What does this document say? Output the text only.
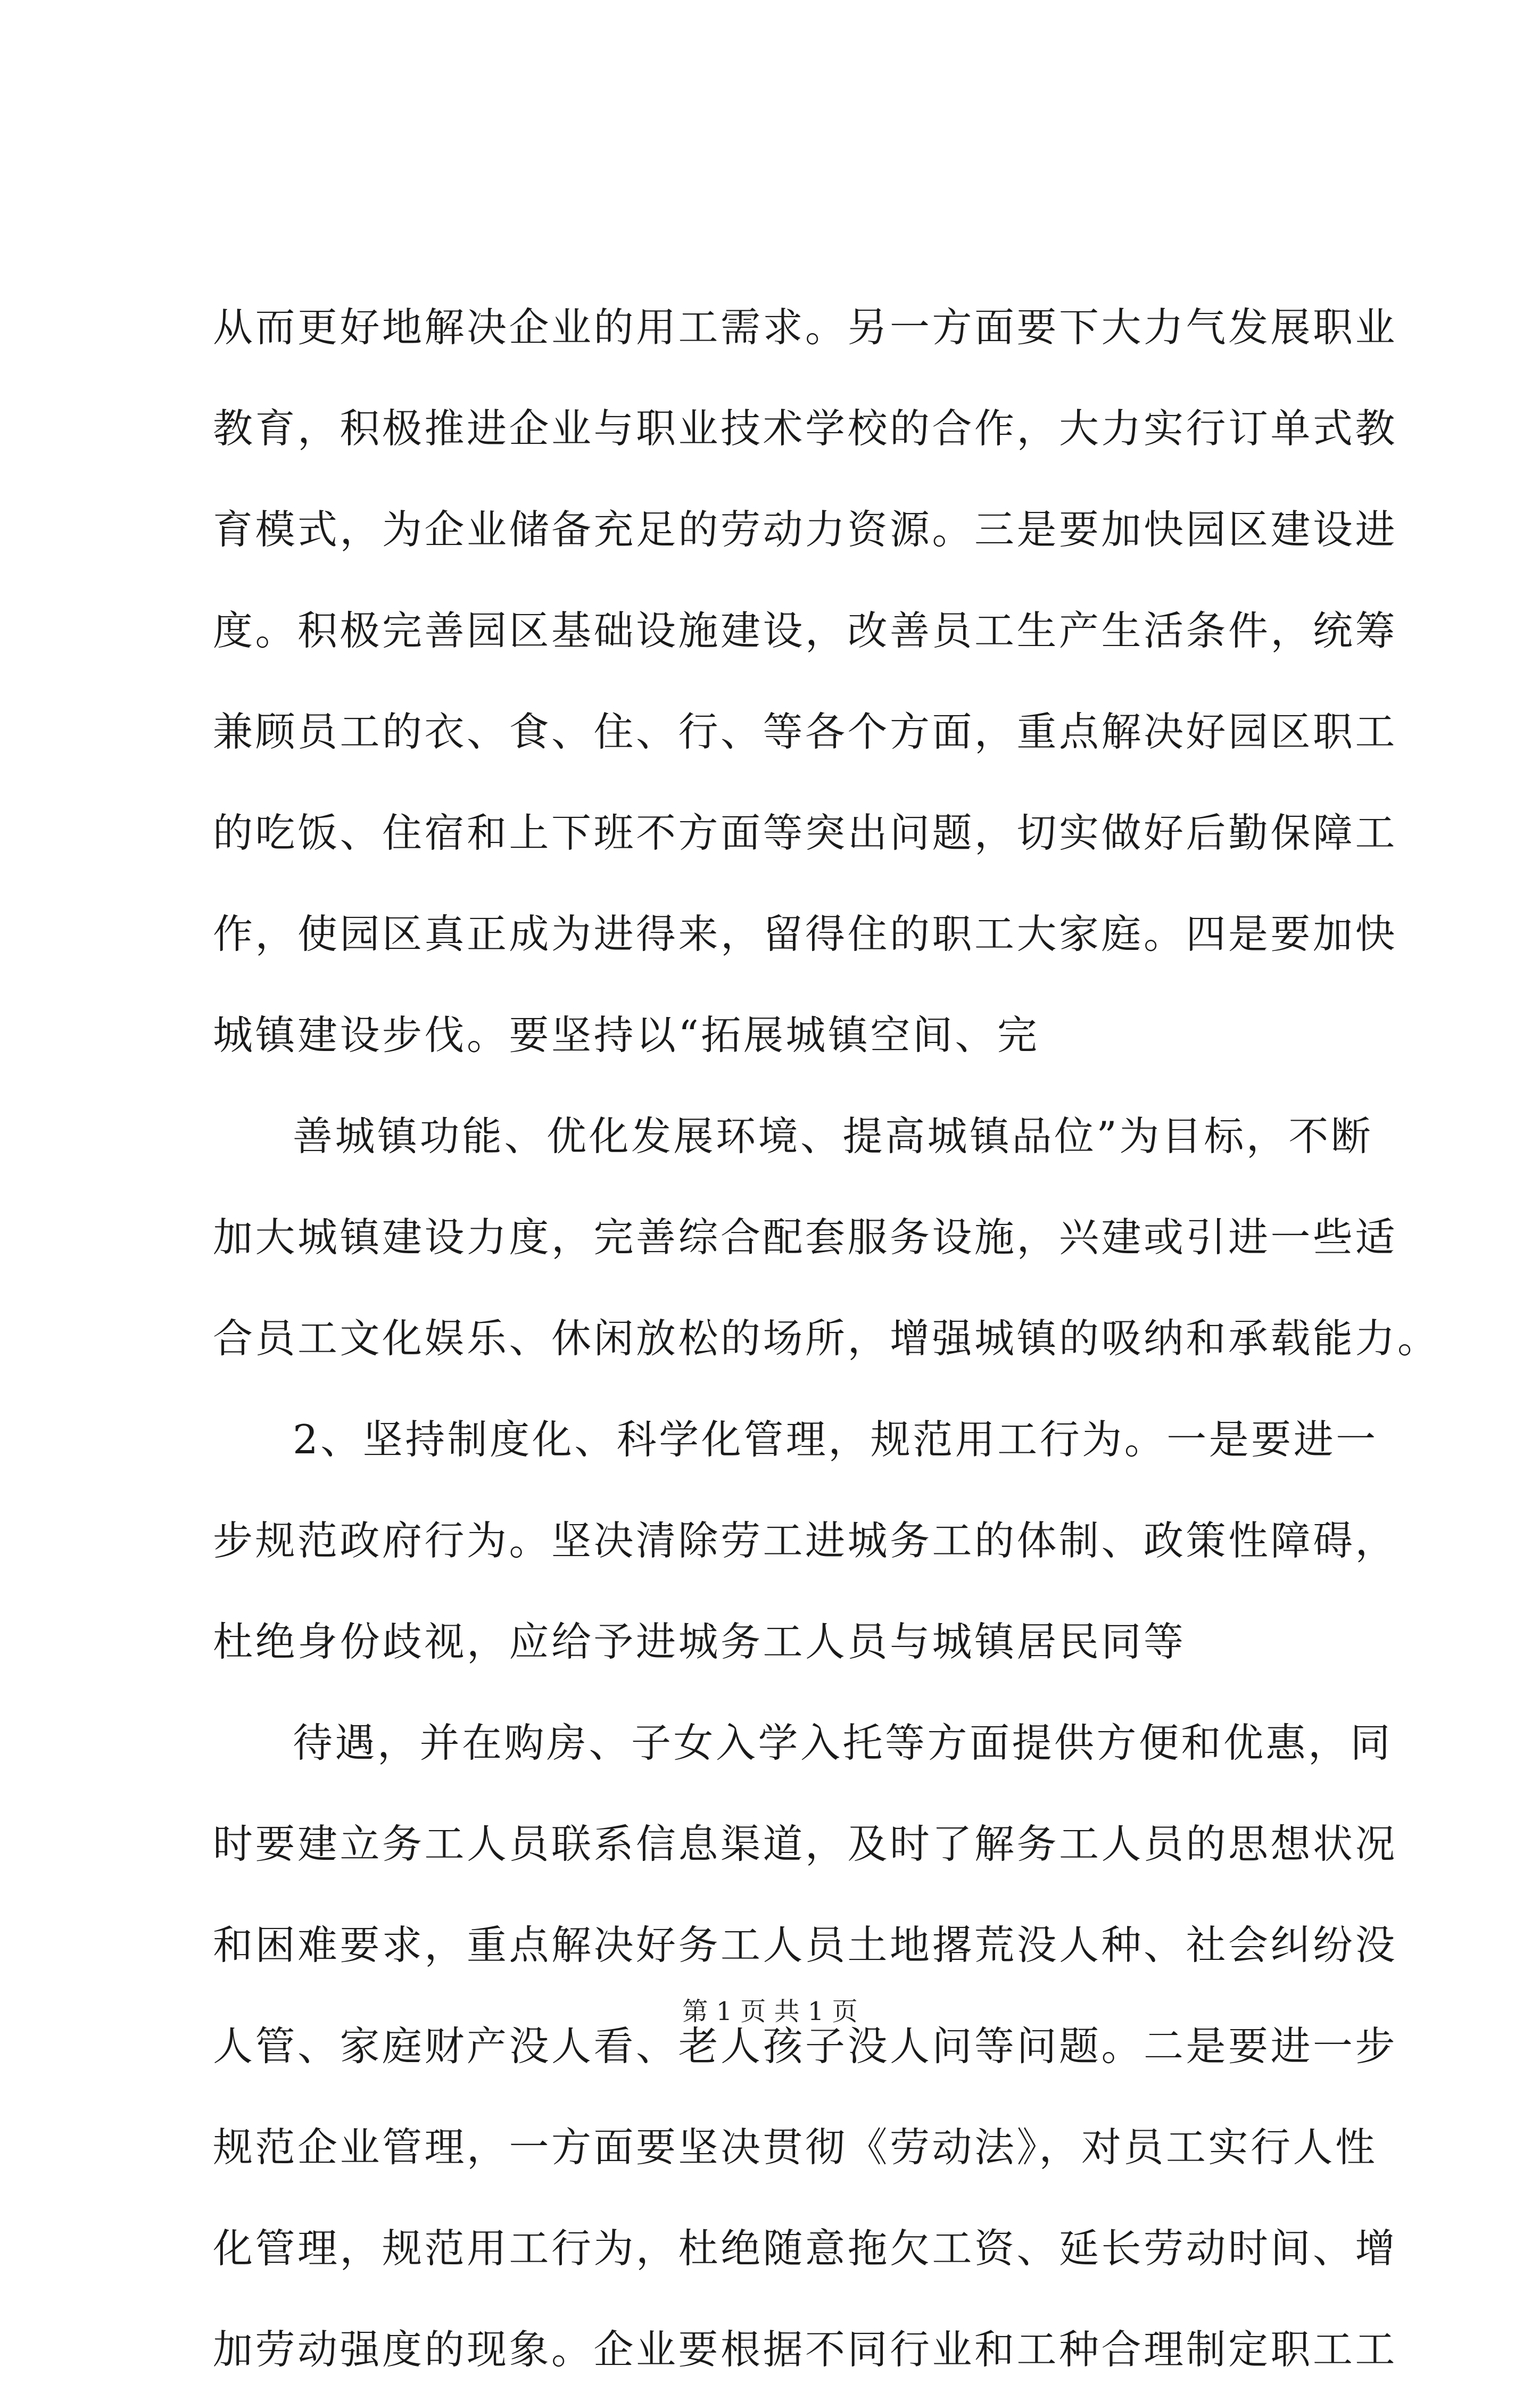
从而更好地解决企业的用工需求。另一方面要下大力气发展职业
教育，积极推进企业与职业技术学校的合作，大力实行订单式教
育模式，为企业储备充足的劳动力资源。三是要加快园区建设进
度。积极完善园区基础设施建设，改善员工生产生活条件，统筹
兼顾员工的衣、食、住、行、等各个方面，重点解决好园区职工
的吃饭、住宿和上下班不方面等突出问题，切实做好后勤保障工
作，使园区真正成为进得来，留得住的职工大家庭。四是要加快
城镇建设步伐。要坚持以“拓展城镇空间、完
善城镇功能、优化发展环境、提高城镇品位”为目标，不断
加大城镇建设力度，完善综合配套服务设施，兴建或引进一些适
合员工文化娱乐、休闲放松的场所，增强城镇的吸纳和承载能力。
2、坚持制度化、科学化管理，规范用工行为。一是要进一
步规范政府行为。坚决清除劳工进城务工的体制、政策性障碍，
杜绝身份歧视，应给予进城务工人员与城镇居民同等
待遇，并在购房、子女入学入托等方面提供方便和优惠，同
时要建立务工人员联系信息渠道，及时了解务工人员的思想状况
和困难要求，重点解决好务工人员土地撂荒没人种、社会纠纷没
人管、家庭财产没人看、老人孩子没人问等问题。二是要进一步
规范企业管理，一方面要坚决贯彻《劳动法》，对员工实行人性
化管理，规范用工行为，杜绝随意拖欠工资、延长劳动时间、增
加劳动强度的现象。企业要根据不同行业和工种合理制定职工工
第 1 页 共 1 页
